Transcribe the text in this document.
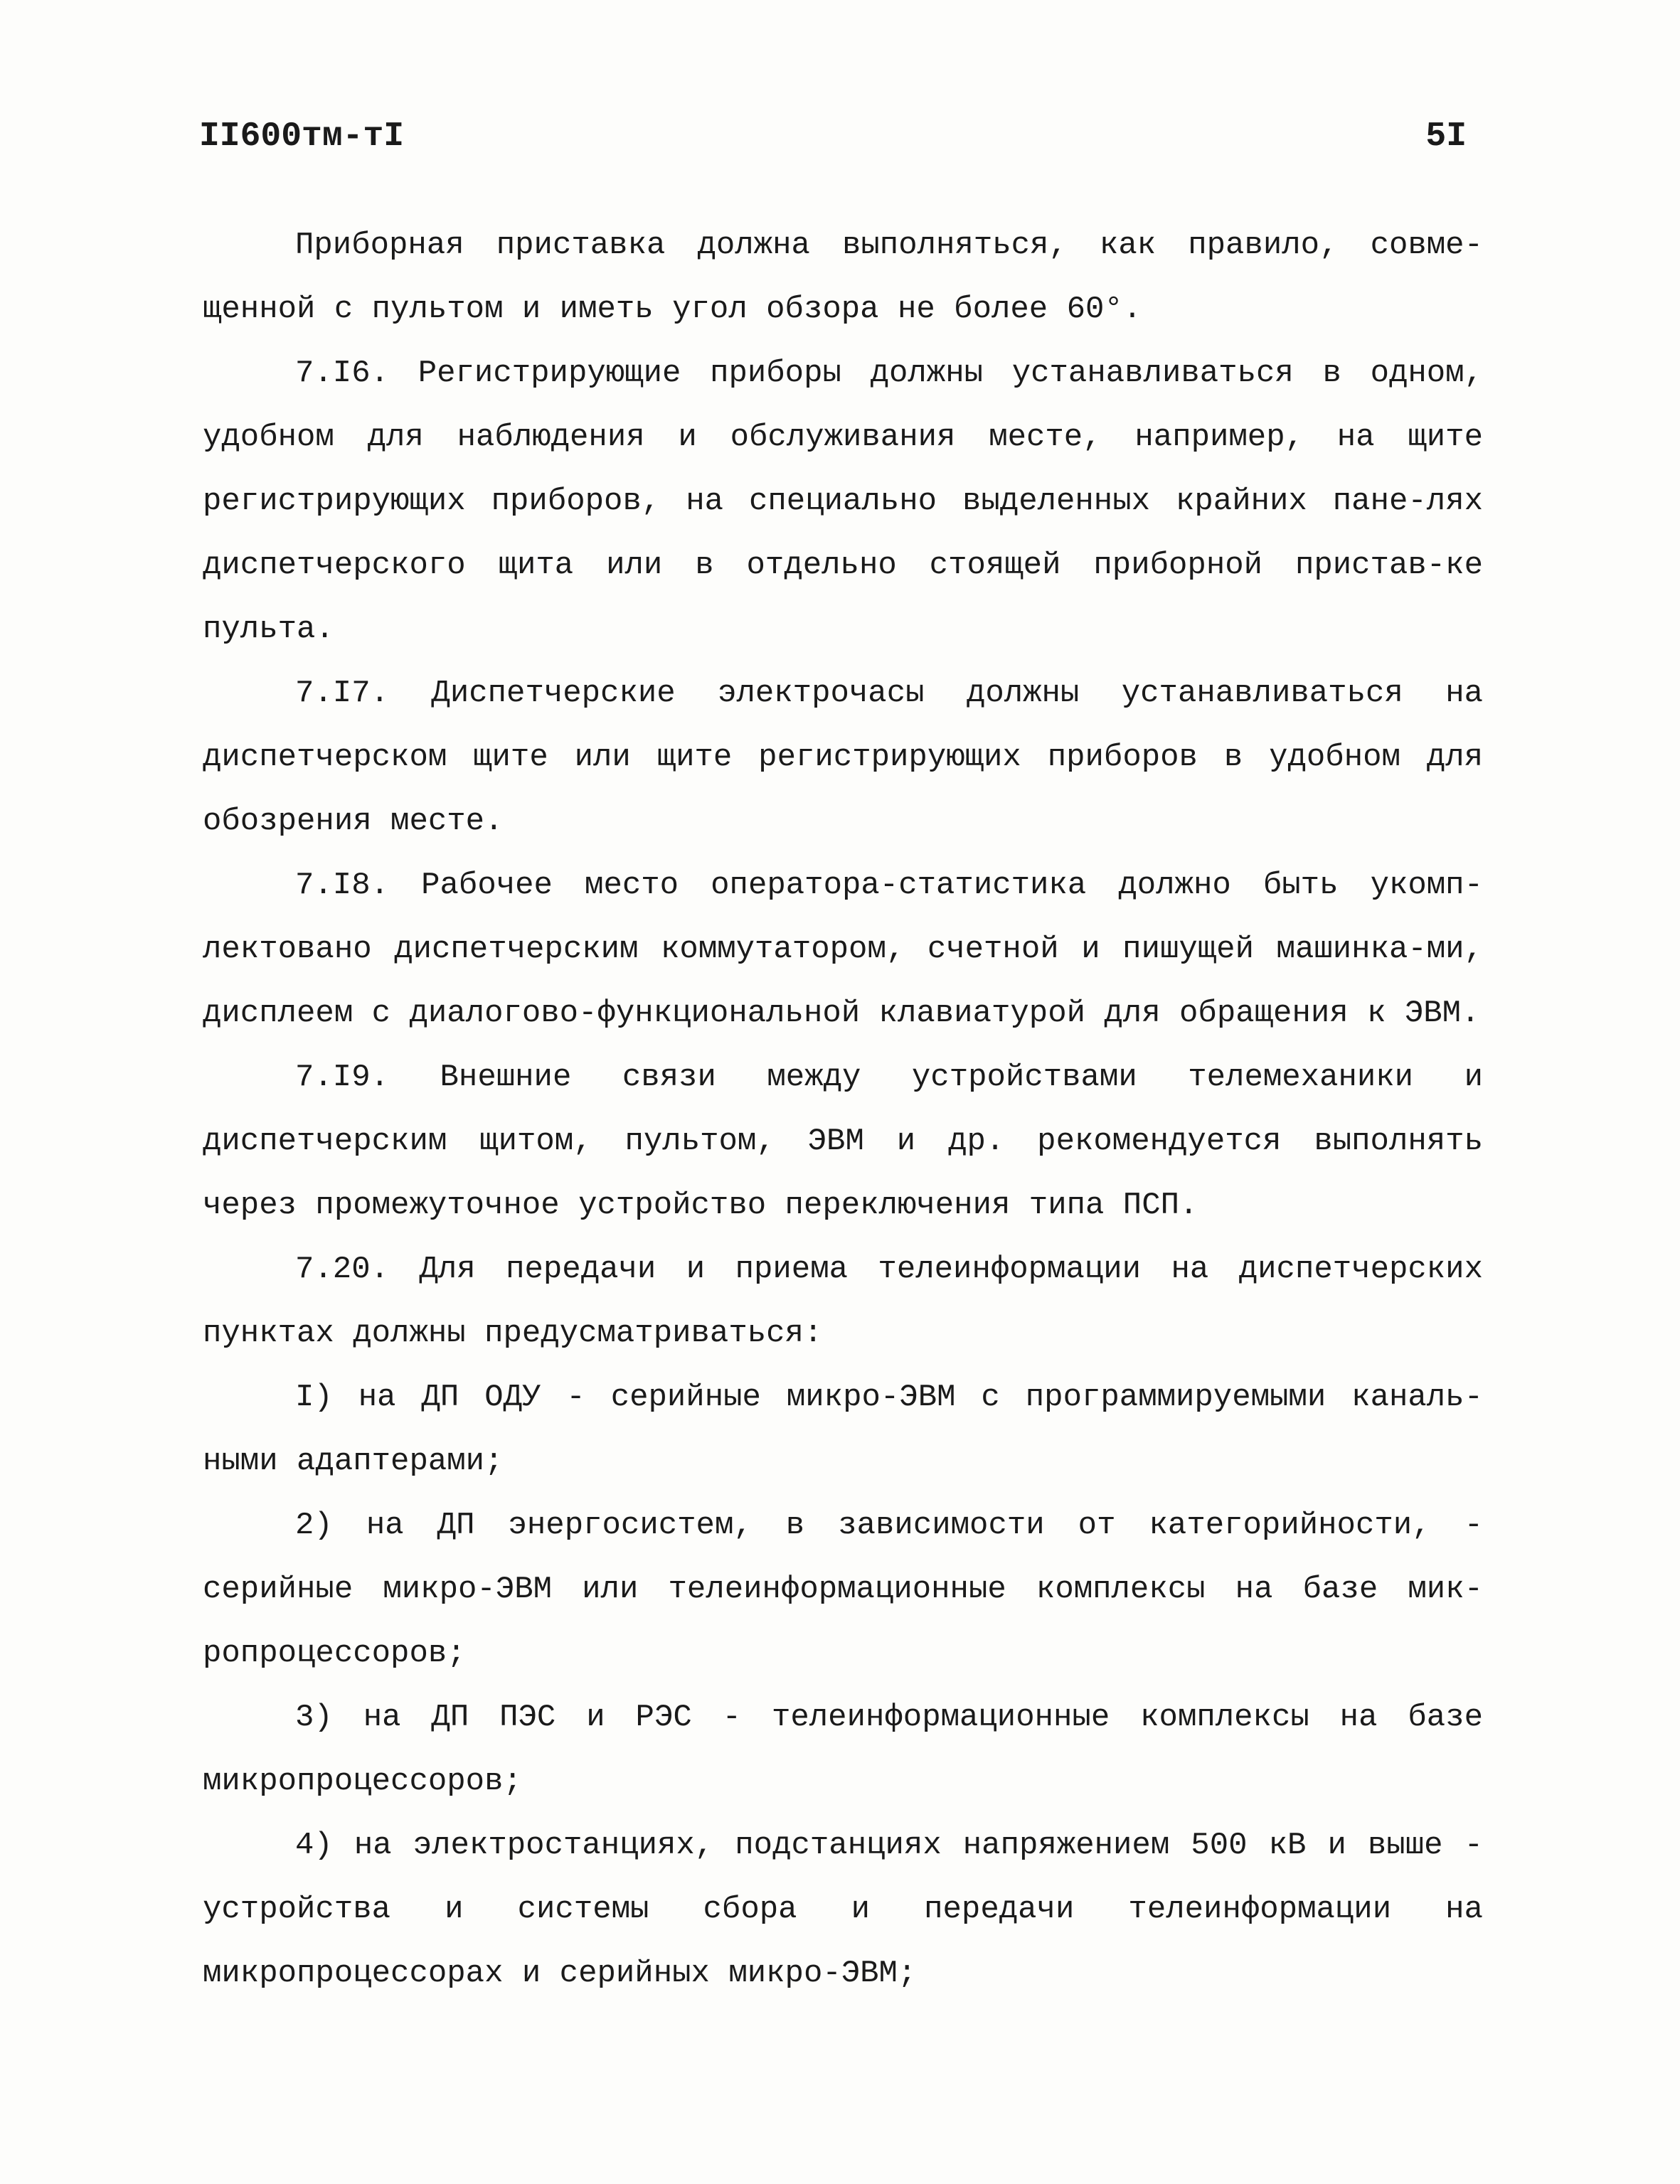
II600тм-тI	5I

Приборная приставка должна выполняться, как правило, совме-щенной с пультом и иметь угол обзора не более 60°.

7.I6. Регистрирующие приборы должны устанавливаться в одном, удобном для наблюдения и обслуживания месте, например, на щите регистрирующих приборов, на специально выделенных крайних пане-лях диспетчерского щита или в отдельно стоящей приборной пристав-ке пульта.

7.I7. Диспетчерские электрочасы должны устанавливаться на диспетчерском щите или щите регистрирующих приборов в удобном для обозрения месте.

7.I8. Рабочее место оператора-статистика должно быть укомп-лектовано диспетчерским коммутатором, счетной и пишущей машинка-ми, дисплеем с диалогово-функциональной клавиатурой для обращения к ЭВМ.

7.I9. Внешние связи между устройствами телемеханики и диспетчерским щитом, пультом, ЭВМ и др. рекомендуется выполнять через промежуточное устройство переключения типа ПСП.

7.20. Для передачи и приема телеинформации на диспетчерских пунктах должны предусматриваться:

I) на ДП ОДУ - серийные микро-ЭВМ с программируемыми каналь-ными адаптерами;

2) на ДП энергосистем, в зависимости от категорийности, - серийные микро-ЭВМ или телеинформационные комплексы на базе мик-ропроцессоров;

3) на ДП ПЭС и РЭС - телеинформационные комплексы на базе микропроцессоров;

4) на электростанциях, подстанциях напряжением 500 кВ и выше - устройства и системы сбора и передачи телеинформации на микропроцессорах и серийных микро-ЭВМ;
